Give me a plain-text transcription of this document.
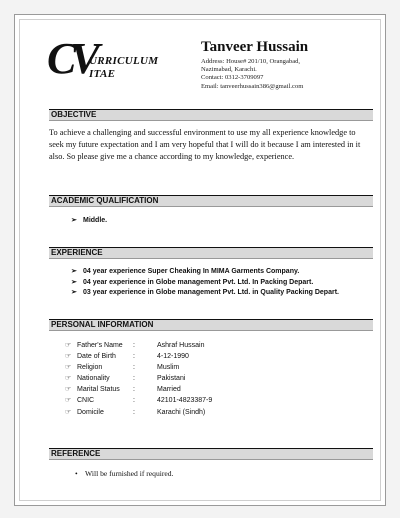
CV
URRICULUM
ITAE
Tanveer Hussain
Address: House# 201/10, Orangabad,
Nazimabad, Karachi.
Contact: 0312-3709097
Email: tanveerhussain386@gmail.com
OBJECTIVE
To achieve a challenging and successful environment to use my all experience knowledge to seek my future expectation and I am very hopeful that I will do it because I am interested in it also. So please give me a chance according to my knowledge, experience.
ACADEMIC QUALIFICATION
➢ Middle.
EXPERIENCE
➢ 04 year experience Super Cheaking In MIMA Garments Company.
➢ 04 year experience in Globe management Pvt. Ltd. In Packing Depart.
➢ 03 year experience in Globe management Pvt. Ltd. in Quality Packing Depart.
PERSONAL INFORMATION
☞ Father's Name :	Ashraf Hussain
☞ Date of Birth :	4-12-1990
☞ Religion	:	Muslim
☞ Nationality	:	Pakistani
☞ Marital Status :	Married
☞ CNIC	:	42101-4823387-9
☞ Domicile	:	Karachi (Sindh)
REFERENCE
• Will be furnished if required.
